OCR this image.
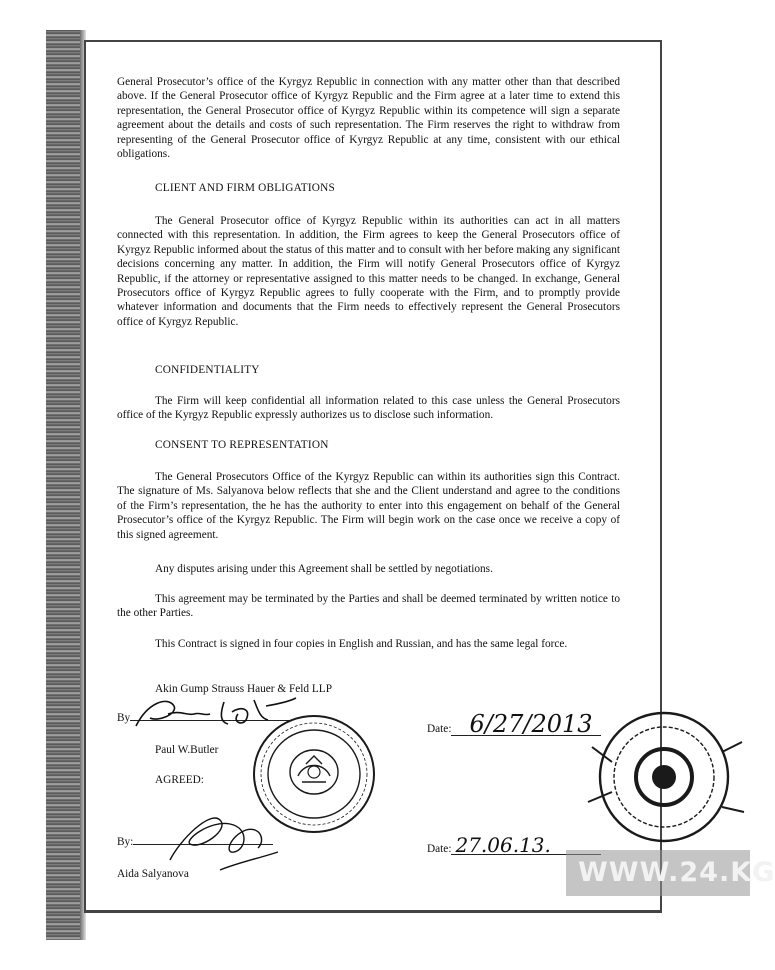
General Prosecutor’s office of the Kyrgyz Republic in connection with any matter other than that described above. If the General Prosecutor office of Kyrgyz Republic and the Firm agree at a later time to extend this representation, the General Prosecutor office of Kyrgyz Republic within its competence will sign a separate agreement about the details and costs of such representation. The Firm reserves the right to withdraw from representing of the General Prosecutor office of Kyrgyz Republic at any time, consistent with our ethical obligations.

CLIENT AND FIRM OBLIGATIONS

The General Prosecutor office of Kyrgyz Republic within its authorities can act in all matters connected with this representation. In addition, the Firm agrees to keep the General Prosecutors office of Kyrgyz Republic informed about the status of this matter and to consult with her before making any significant decisions concerning any matter. In addition, the Firm will notify General Prosecutors office of Kyrgyz Republic, if the attorney or representative assigned to this matter needs to be changed. In exchange, General Prosecutors office of Kyrgyz Republic agrees to fully cooperate with the Firm, and to promptly provide whatever information and documents that the Firm needs to effectively represent the General Prosecutors office of Kyrgyz Republic.

CONFIDENTIALITY

The Firm will keep confidential all information related to this case unless the General Prosecutors office of the Kyrgyz Republic expressly authorizes us to disclose such information.

CONSENT TO REPRESENTATION

The General Prosecutors Office of the Kyrgyz Republic can within its authorities sign this Contract. The signature of Ms. Salyanova below reflects that she and the Client understand and agree to the conditions of the Firm’s representation, the he has the authority to enter into this engagement on behalf of the General Prosecutor’s office of the Kyrgyz Republic. The Firm will begin work on the case once we receive a copy of this signed agreement.

Any disputes arising under this Agreement shall be settled by negotiations.

This agreement may be terminated by the Parties and shall be deemed terminated by written notice to the other Parties.

This Contract is signed in four copies in English and Russian, and has the same legal force.

Akin Gump Strauss Hauer & Feld LLP
By
Paul W.Butler
AGREED:
By:
Aida Salyanova
Date: 6/27/2013
Date: 27.06.13.
WWW.24.KG
